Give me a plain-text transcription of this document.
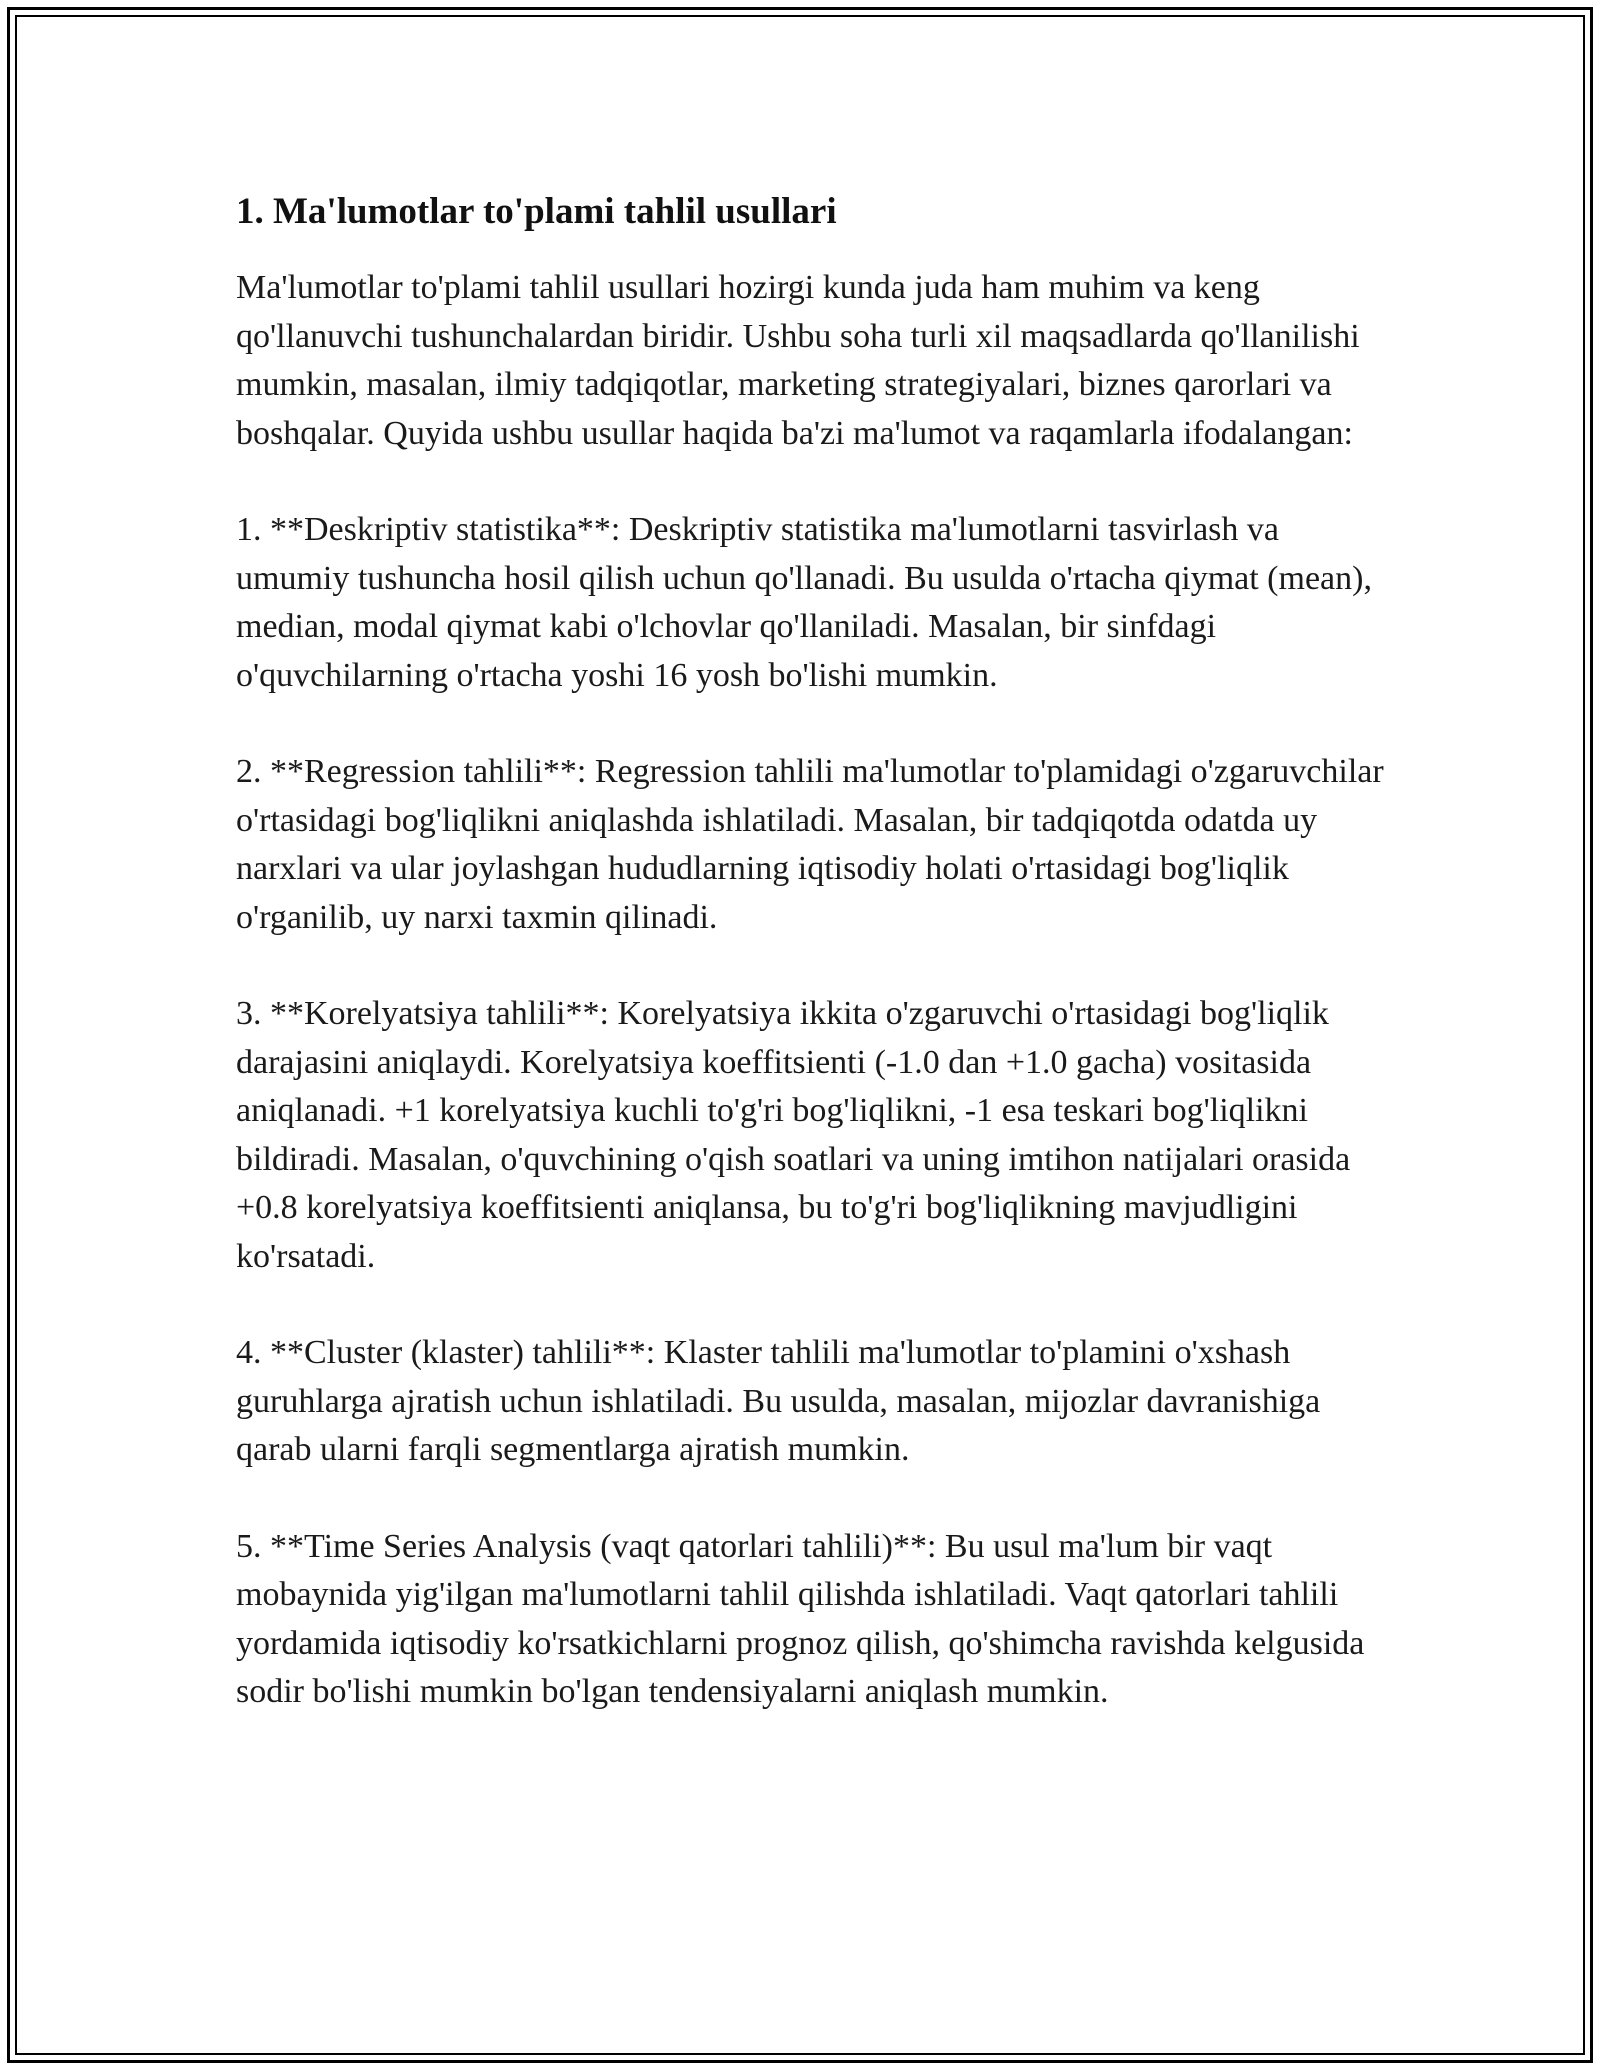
1. Ma'lumotlar to'plami tahlil usullari

Ma'lumotlar to'plami tahlil usullari hozirgi kunda juda ham muhim va keng qo'llanuvchi tushunchalardan biridir. Ushbu soha turli xil maqsadlarda qo'llanilishi mumkin, masalan, ilmiy tadqiqotlar, marketing strategiyalari, biznes qarorlari va boshqalar. Quyida ushbu usullar haqida ba'zi ma'lumot va raqamlarla ifodalangan:

1. **Deskriptiv statistika**: Deskriptiv statistika ma'lumotlarni tasvirlash va umumiy tushuncha hosil qilish uchun qo'llanadi. Bu usulda o'rtacha qiymat (mean), median, modal qiymat kabi o'lchovlar qo'llaniladi. Masalan, bir sinfdagi o'quvchilarning o'rtacha yoshi 16 yosh bo'lishi mumkin.

2. **Regression tahlili**: Regression tahlili ma'lumotlar to'plamidagi o'zgaruvchilar o'rtasidagi bog'liqlikni aniqlashda ishlatiladi. Masalan, bir tadqiqotda odatda uy narxlari va ular joylashgan hududlarning iqtisodiy holati o'rtasidagi bog'liqlik o'rganilib, uy narxi taxmin qilinadi.

3. **Korelyatsiya tahlili**: Korelyatsiya ikkita o'zgaruvchi o'rtasidagi bog'liqlik darajasini aniqlaydi. Korelyatsiya koeffitsienti (-1.0 dan +1.0 gacha) vositasida aniqlanadi. +1 korelyatsiya kuchli to'g'ri bog'liqlikni, -1 esa teskari bog'liqlikni bildiradi. Masalan, o'quvchining o'qish soatlari va uning imtihon natijalari orasida +0.8 korelyatsiya koeffitsienti aniqlansa, bu to'g'ri bog'liqlikning mavjudligini ko'rsatadi.

4. **Cluster (klaster) tahlili**: Klaster tahlili ma'lumotlar to'plamini o'xshash guruhlarga ajratish uchun ishlatiladi. Bu usulda, masalan, mijozlar davranishiga qarab ularni farqli segmentlarga ajratish mumkin.

5. **Time Series Analysis (vaqt qatorlari tahlili)**: Bu usul ma'lum bir vaqt mobaynida yig'ilgan ma'lumotlarni tahlil qilishda ishlatiladi. Vaqt qatorlari tahlili yordamida iqtisodiy ko'rsatkichlarni prognoz qilish, qo'shimcha ravishda kelgusida sodir bo'lishi mumkin bo'lgan tendensiyalarni aniqlash mumkin.
